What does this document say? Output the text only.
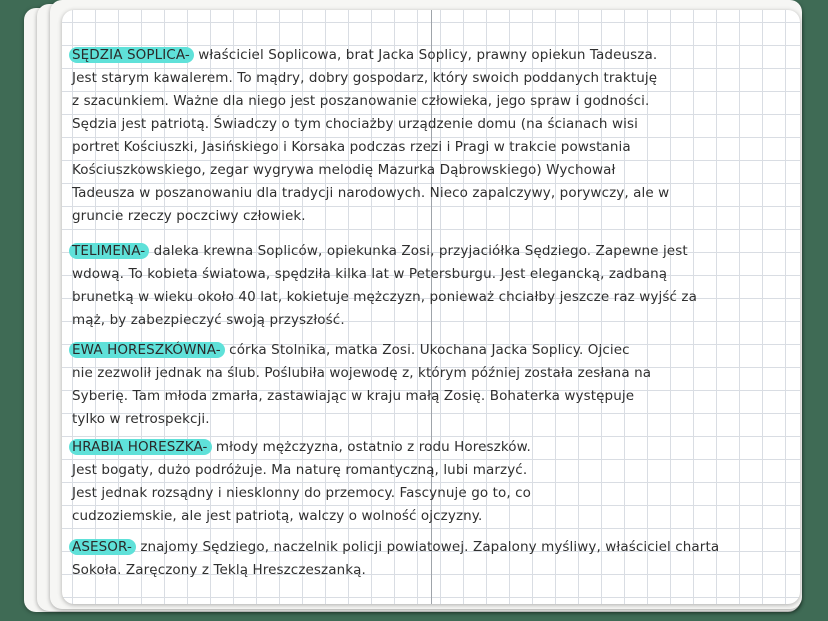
SĘDZIA SOPLICA- właściciel Soplicowa, brat Jacka Soplicy, prawny opiekun Tadeusza.
Jest starym kawalerem. To mądry, dobry gospodarz, który swoich poddanych traktuję
z szacunkiem. Ważne dla niego jest poszanowanie człowieka, jego spraw i godności.
Sędzia jest patriotą. Świadczy o tym chociażby urządzenie domu (na ścianach wisi
portret Kościuszki, Jasińskiego i Korsaka podczas rzezi i Pragi w trakcie powstania
Kościuszkowskiego, zegar wygrywa melodię Mazurka Dąbrowskiego) Wychował
Tadeusza w poszanowaniu dla tradycji narodowych. Nieco zapalczywy, porywczy, ale w
gruncie rzeczy poczciwy człowiek.
TELIMENA- daleka krewna Sopliców, opiekunka Zosi, przyjaciółka Sędziego. Zapewne jest
wdową. To kobieta światowa, spędziła kilka lat w Petersburgu. Jest elegancką, zadbaną
brunetką w wieku około 40 lat, kokietuje mężczyzn, ponieważ chciałby jeszcze raz wyjść za
mąż, by zabezpieczyć swoją przyszłość.
EWA HORESZKÓWNA- córka Stolnika, matka Zosi. Ukochana Jacka Soplicy. Ojciec
nie zezwolił jednak na ślub. Poślubiła wojewodę z, którym później została zesłana na
Syberię. Tam młoda zmarła, zastawiając w kraju małą Zosię. Bohaterka występuje
tylko w retrospekcji.
HRABIA HORESZKA- młody mężczyzna, ostatnio z rodu Horeszków.
Jest bogaty, dużo podróżuje. Ma naturę romantyczną, lubi marzyć.
Jest jednak rozsądny i niesklonny do przemocy. Fascynuje go to, co
cudzoziemskie, ale jest patriotą, walczy o wolność ojczyzny.
ASESOR- znajomy Sędziego, naczelnik policji powiatowej. Zapalony myśliwy, właściciel charta
Sokoła. Zaręczony z Teklą Hreszczeszanką.
